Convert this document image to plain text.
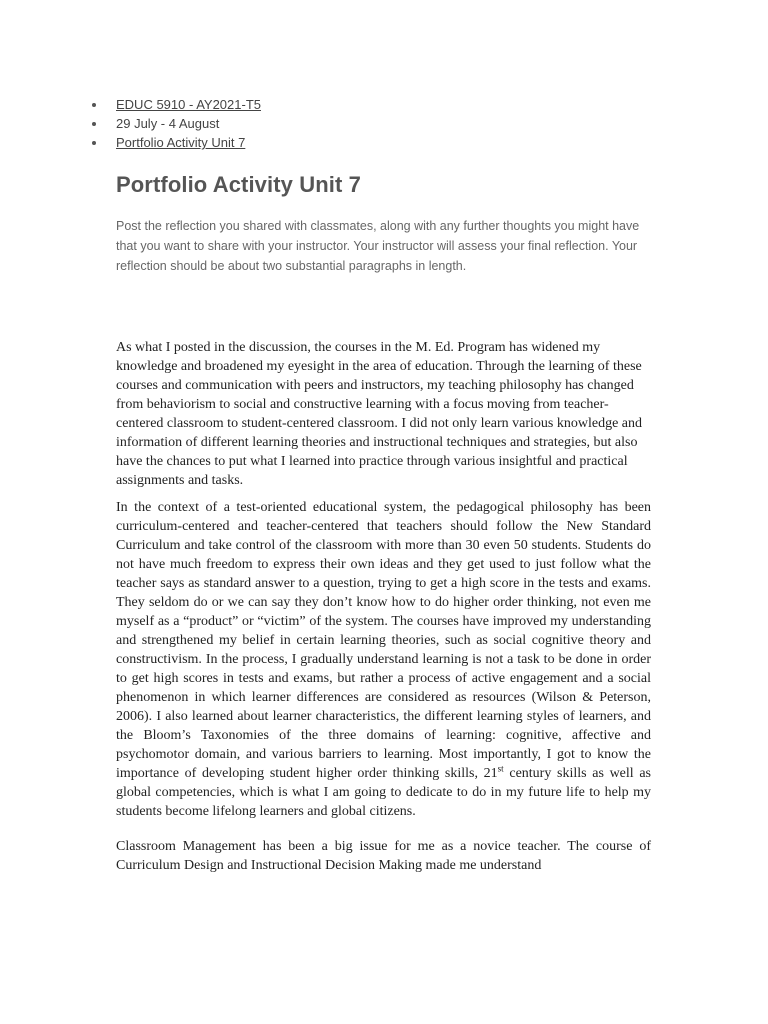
EDUC 5910 - AY2021-T5
29 July - 4 August
Portfolio Activity Unit 7
Portfolio Activity Unit 7

Post the reflection you shared with classmates, along with any further thoughts you might have that you want to share with your instructor. Your instructor will assess your final reflection. Your reflection should be about two substantial paragraphs in length.

As what I posted in the discussion, the courses in the M. Ed. Program has widened my knowledge and broadened my eyesight in the area of education. Through the learning of these courses and communication with peers and instructors, my teaching philosophy has changed from behaviorism to social and constructive learning with a focus moving from teacher-centered classroom to student-centered classroom. I did not only learn various knowledge and information of different learning theories and instructional techniques and strategies, but also have the chances to put what I learned into practice through various insightful and practical assignments and tasks.

In the context of a test-oriented educational system, the pedagogical philosophy has been curriculum-centered and teacher-centered that teachers should follow the New Standard Curriculum and take control of the classroom with more than 30 even 50 students. Students do not have much freedom to express their own ideas and they get used to just follow what the teacher says as standard answer to a question, trying to get a high score in the tests and exams. They seldom do or we can say they don’t know how to do higher order thinking, not even me myself as a “product” or “victim” of the system. The courses have improved my understanding and strengthened my belief in certain learning theories, such as social cognitive theory and constructivism. In the process, I gradually understand learning is not a task to be done in order to get high scores in tests and exams, but rather a process of active engagement and a social phenomenon in which learner differences are considered as resources (Wilson & Peterson, 2006). I also learned about learner characteristics, the different learning styles of learners, and the Bloom’s Taxonomies of the three domains of learning: cognitive, affective and psychomotor domain, and various barriers to learning. Most importantly, I got to know the importance of developing student higher order thinking skills, 21st century skills as well as global competencies, which is what I am going to dedicate to do in my future life to help my students become lifelong learners and global citizens.

Classroom Management has been a big issue for me as a novice teacher. The course of Curriculum Design and Instructional Decision Making made me understand
